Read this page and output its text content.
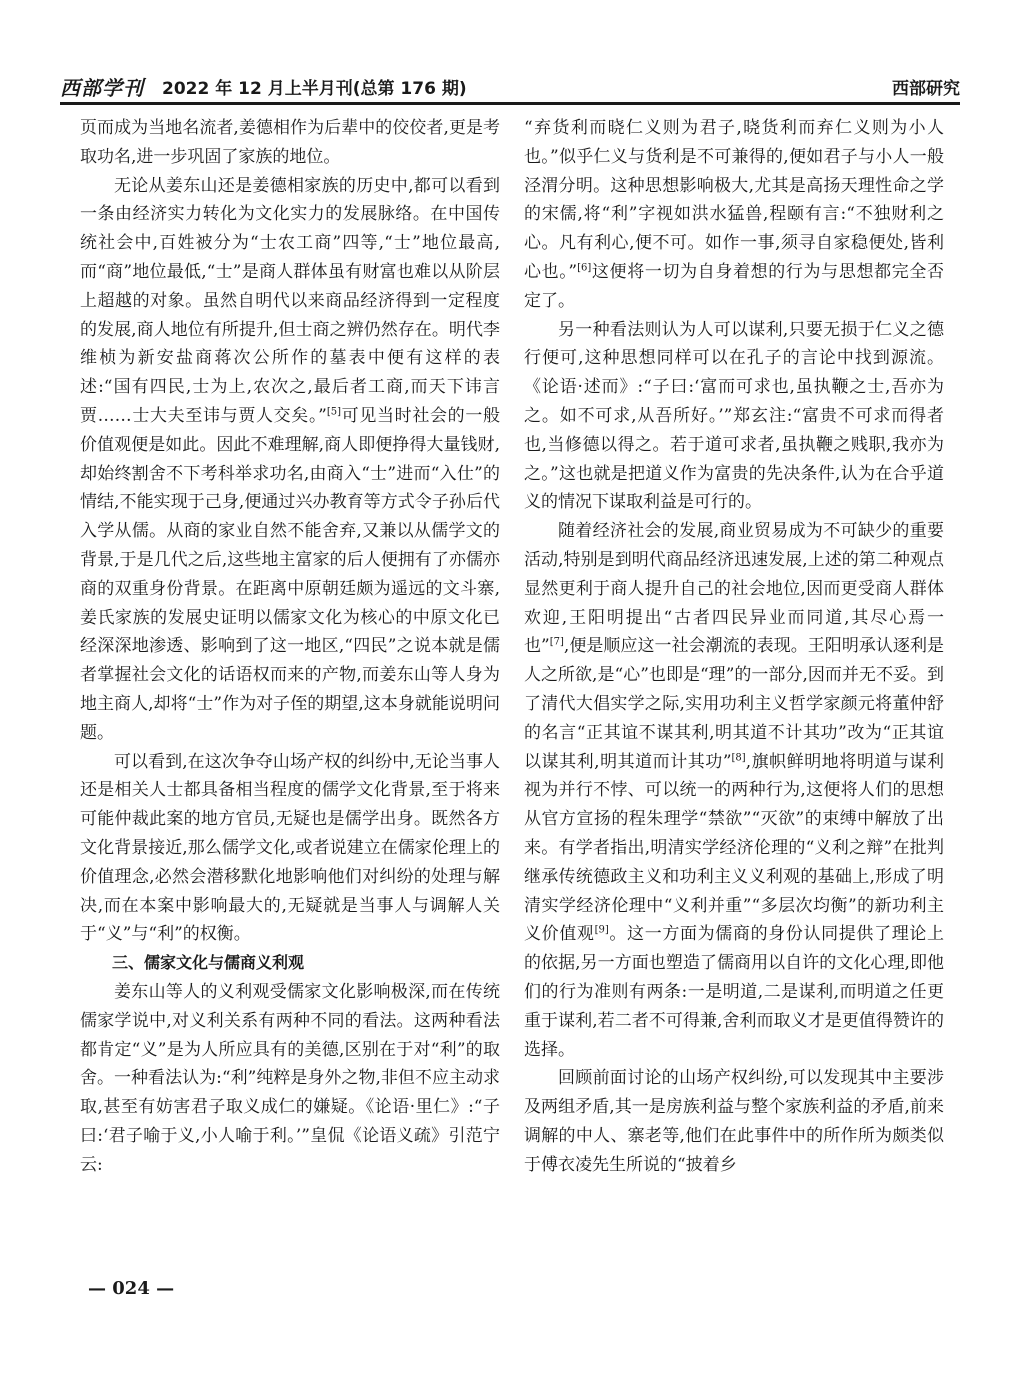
西部学刊 2022 年 12 月上半月刊(总第 176 期)	西部研究

页而成为当地名流者,姜德相作为后辈中的佼佼者,更是考取功名,进一步巩固了家族的地位。

无论从姜东山还是姜德相家族的历史中,都可以看到一条由经济实力转化为文化实力的发展脉络。在中国传统社会中,百姓被分为“士农工商”四等,“士”地位最高,而“商”地位最低,“士”是商人群体虽有财富也难以从阶层上超越的对象。虽然自明代以来商品经济得到一定程度的发展,商人地位有所提升,但士商之辨仍然存在。明代李维桢为新安盐商蒋次公所作的墓表中便有这样的表述:“国有四民,士为上,农次之,最后者工商,而天下讳言贾……士大夫至讳与贾人交矣。”[5]可见当时社会的一般价值观便是如此。因此不难理解,商人即便挣得大量钱财,却始终割舍不下考科举求功名,由商入“士”进而“入仕”的情结,不能实现于己身,便通过兴办教育等方式令子孙后代入学从儒。从商的家业自然不能舍弃,又兼以从儒学文的背景,于是几代之后,这些地主富家的后人便拥有了亦儒亦商的双重身份背景。在距离中原朝廷颇为遥远的文斗寨,姜氏家族的发展史证明以儒家文化为核心的中原文化已经深深地渗透、影响到了这一地区,“四民”之说本就是儒者掌握社会文化的话语权而来的产物,而姜东山等人身为地主商人,却将“士”作为对子侄的期望,这本身就能说明问题。

可以看到,在这次争夺山场产权的纠纷中,无论当事人还是相关人士都具备相当程度的儒学文化背景,至于将来可能仲裁此案的地方官员,无疑也是儒学出身。既然各方文化背景接近,那么儒学文化,或者说建立在儒家伦理上的价值理念,必然会潜移默化地影响他们对纠纷的处理与解决,而在本案中影响最大的,无疑就是当事人与调解人关于“义”与“利”的权衡。

三、儒家文化与儒商义利观

姜东山等人的义利观受儒家文化影响极深,而在传统儒家学说中,对义利关系有两种不同的看法。这两种看法都肯定“义”是为人所应具有的美德,区别在于对“利”的取舍。一种看法认为:“利”纯粹是身外之物,非但不应主动求取,甚至有妨害君子取义成仁的嫌疑。《论语·里仁》:“子曰:‘君子喻于义,小人喻于利。’”皇侃《论语义疏》引范宁云:

“弃货利而晓仁义则为君子,晓货利而弃仁义则为小人也。”似乎仁义与货利是不可兼得的,便如君子与小人一般泾渭分明。这种思想影响极大,尤其是高扬天理性命之学的宋儒,将“利”字视如洪水猛兽,程颐有言:“不独财利之心。凡有利心,便不可。如作一事,须寻自家稳便处,皆利心也。”[6]这便将一切为自身着想的行为与思想都完全否定了。

另一种看法则认为人可以谋利,只要无损于仁义之德行便可,这种思想同样可以在孔子的言论中找到源流。《论语·述而》:“子曰:‘富而可求也,虽执鞭之士,吾亦为之。如不可求,从吾所好。’”郑玄注:“富贵不可求而得者也,当修德以得之。若于道可求者,虽执鞭之贱职,我亦为之。”这也就是把道义作为富贵的先决条件,认为在合乎道义的情况下谋取利益是可行的。

随着经济社会的发展,商业贸易成为不可缺少的重要活动,特别是到明代商品经济迅速发展,上述的第二种观点显然更利于商人提升自己的社会地位,因而更受商人群体欢迎,王阳明提出“古者四民异业而同道,其尽心焉一也”[7],便是顺应这一社会潮流的表现。王阳明承认逐利是人之所欲,是“心”也即是“理”的一部分,因而并无不妥。到了清代大倡实学之际,实用功利主义哲学家颜元将董仲舒的名言“正其谊不谋其利,明其道不计其功”改为“正其谊以谋其利,明其道而计其功”[8],旗帜鲜明地将明道与谋利视为并行不悖、可以统一的两种行为,这便将人们的思想从官方宣扬的程朱理学“禁欲”“灭欲”的束缚中解放了出来。有学者指出,明清实学经济伦理的“义利之辩”在批判继承传统德政主义和功利主义义利观的基础上,形成了明清实学经济伦理中“义利并重”“多层次均衡”的新功利主义价值观[9]。这一方面为儒商的身份认同提供了理论上的依据,另一方面也塑造了儒商用以自许的文化心理,即他们的行为准则有两条:一是明道,二是谋利,而明道之任更重于谋利,若二者不可得兼,舍利而取义才是更值得赞许的选择。

回顾前面讨论的山场产权纠纷,可以发现其中主要涉及两组矛盾,其一是房族利益与整个家族利益的矛盾,前来调解的中人、寨老等,他们在此事件中的所作所为颇类似于傅衣凌先生所说的“披着乡

— 024 —
